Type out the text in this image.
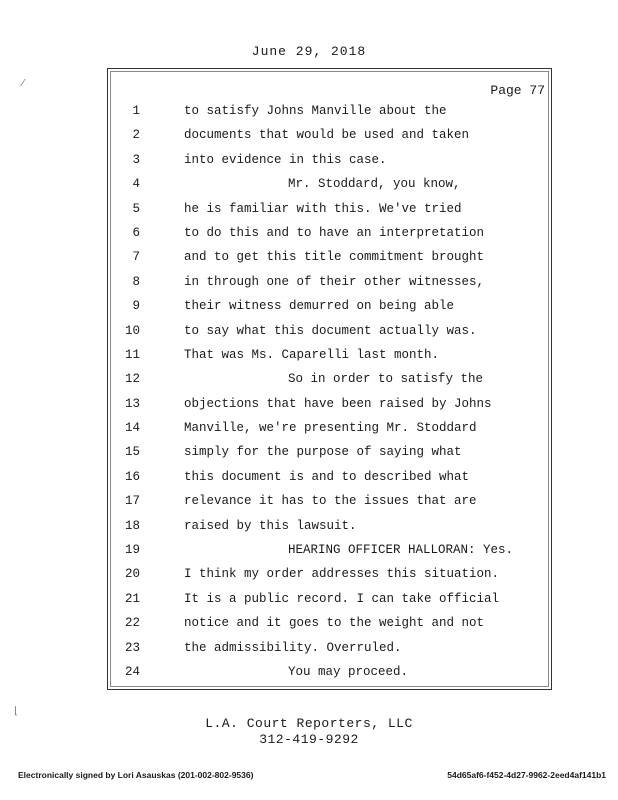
June 29, 2018
Page 77
1	to satisfy Johns Manville about the
2	documents that would be used and taken
3	into evidence in this case.
4	Mr. Stoddard, you know,
5	he is familiar with this. We've tried
6	to do this and to have an interpretation
7	and to get this title commitment brought
8	in through one of their other witnesses,
9	their witness demurred on being able
10	to say what this document actually was.
11	That was Ms. Caparelli last month.
12	So in order to satisfy the
13	objections that have been raised by Johns
14	Manville, we're presenting Mr. Stoddard
15	simply for the purpose of saying what
16	this document is and to described what
17	relevance it has to the issues that are
18	raised by this lawsuit.
19	HEARING OFFICER HALLORAN: Yes.
20	I think my order addresses this situation.
21	It is a public record. I can take official
22	notice and it goes to the weight and not
23	the admissibility. Overruled.
24	You may proceed.
⁄
⌊
L.A. Court Reporters, LLC
312-419-9292
Electronically signed by Lori Asauskas (201-002-802-9536)	54d65af6-f452-4d27-9962-2eed4af141b1
